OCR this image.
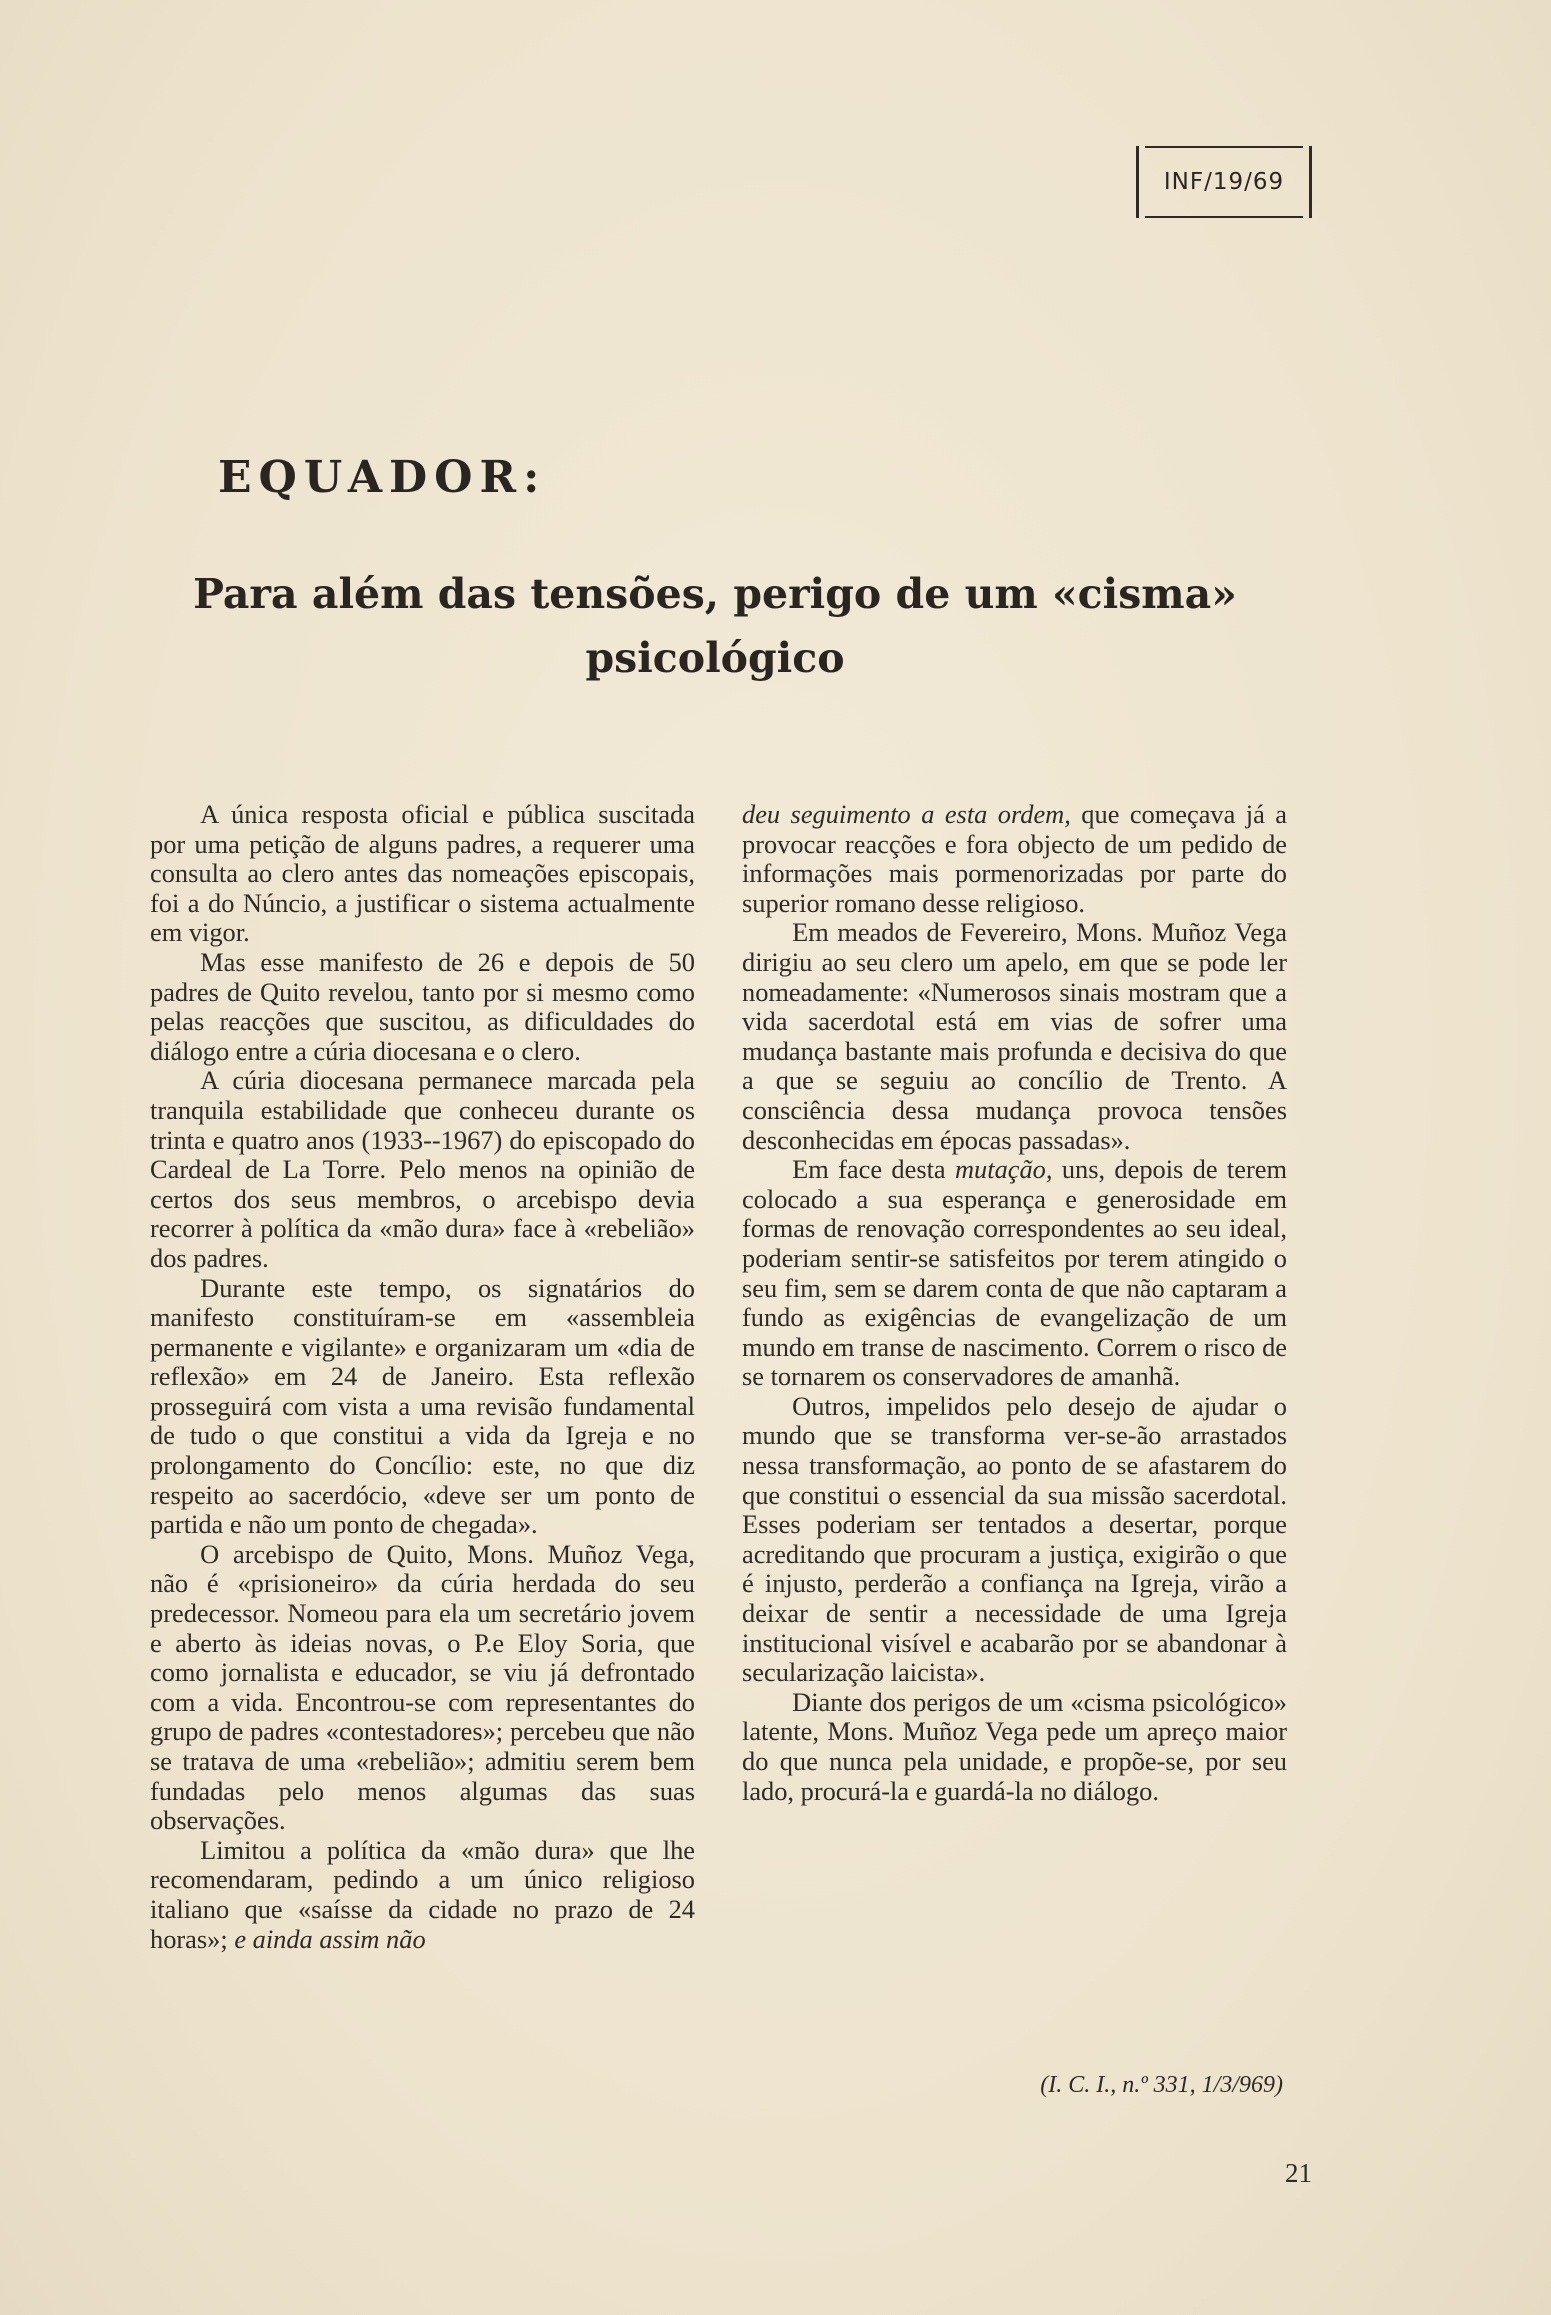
INF/19/69
EQUADOR:
Para além das tensões, perigo de um «cisma» psicológico

A única resposta oficial e pública suscitada por uma petição de alguns padres, a requerer uma consulta ao clero antes das nomeações episcopais, foi a do Núncio, a justificar o sistema actualmente em vigor.

Mas esse manifesto de 26 e depois de 50 padres de Quito revelou, tanto por si mesmo como pelas reacções que suscitou, as dificuldades do diálogo entre a cúria diocesana e o clero.

A cúria diocesana permanece marcada pela tranquila estabilidade que conheceu durante os trinta e quatro anos (1933--1967) do episcopado do Cardeal de La Torre. Pelo menos na opinião de certos dos seus membros, o arcebispo devia recorrer à política da «mão dura» face à «rebelião» dos padres.

Durante este tempo, os signatários do manifesto constituíram-se em «assembleia permanente e vigilante» e organizaram um «dia de reflexão» em 24 de Janeiro. Esta reflexão prosseguirá com vista a uma revisão fundamental de tudo o que constitui a vida da Igreja e no prolongamento do Concílio: este, no que diz respeito ao sacerdócio, «deve ser um ponto de partida e não um ponto de chegada».

O arcebispo de Quito, Mons. Muñoz Vega, não é «prisioneiro» da cúria herdada do seu predecessor. Nomeou para ela um secretário jovem e aberto às ideias novas, o P.e Eloy Soria, que como jornalista e educador, se viu já defrontado com a vida. Encontrou-se com representantes do grupo de padres «contestadores»; percebeu que não se tratava de uma «rebelião»; admitiu serem bem fundadas pelo menos algumas das suas observações.

Limitou a política da «mão dura» que lhe recomendaram, pedindo a um único religioso italiano que «saísse da cidade no prazo de 24 horas»; e ainda assim não

deu seguimento a esta ordem, que começava já a provocar reacções e fora objecto de um pedido de informações mais pormenorizadas por parte do superior romano desse religioso.

Em meados de Fevereiro, Mons. Muñoz Vega dirigiu ao seu clero um apelo, em que se pode ler nomeadamente: «Numerosos sinais mostram que a vida sacerdotal está em vias de sofrer uma mudança bastante mais profunda e decisiva do que a que se seguiu ao concílio de Trento. A consciência dessa mudança provoca tensões desconhecidas em épocas passadas».

Em face desta mutação, uns, depois de terem colocado a sua esperança e generosidade em formas de renovação correspondentes ao seu ideal, poderiam sentir-se satisfeitos por terem atingido o seu fim, sem se darem conta de que não captaram a fundo as exigências de evangelização de um mundo em transe de nascimento. Correm o risco de se tornarem os conservadores de amanhã.

Outros, impelidos pelo desejo de ajudar o mundo que se transforma ver-se-ão arrastados nessa transformação, ao ponto de se afastarem do que constitui o essencial da sua missão sacerdotal. Esses poderiam ser tentados a desertar, porque acreditando que procuram a justiça, exigirão o que é injusto, perderão a confiança na Igreja, virão a deixar de sentir a necessidade de uma Igreja institucional visível e acabarão por se abandonar à secularização laicista».

Diante dos perigos de um «cisma psicológico» latente, Mons. Muñoz Vega pede um apreço maior do que nunca pela unidade, e propõe-se, por seu lado, procurá-la e guardá-la no diálogo.

(I. C. I., n.º 331, 1/3/969)
21
